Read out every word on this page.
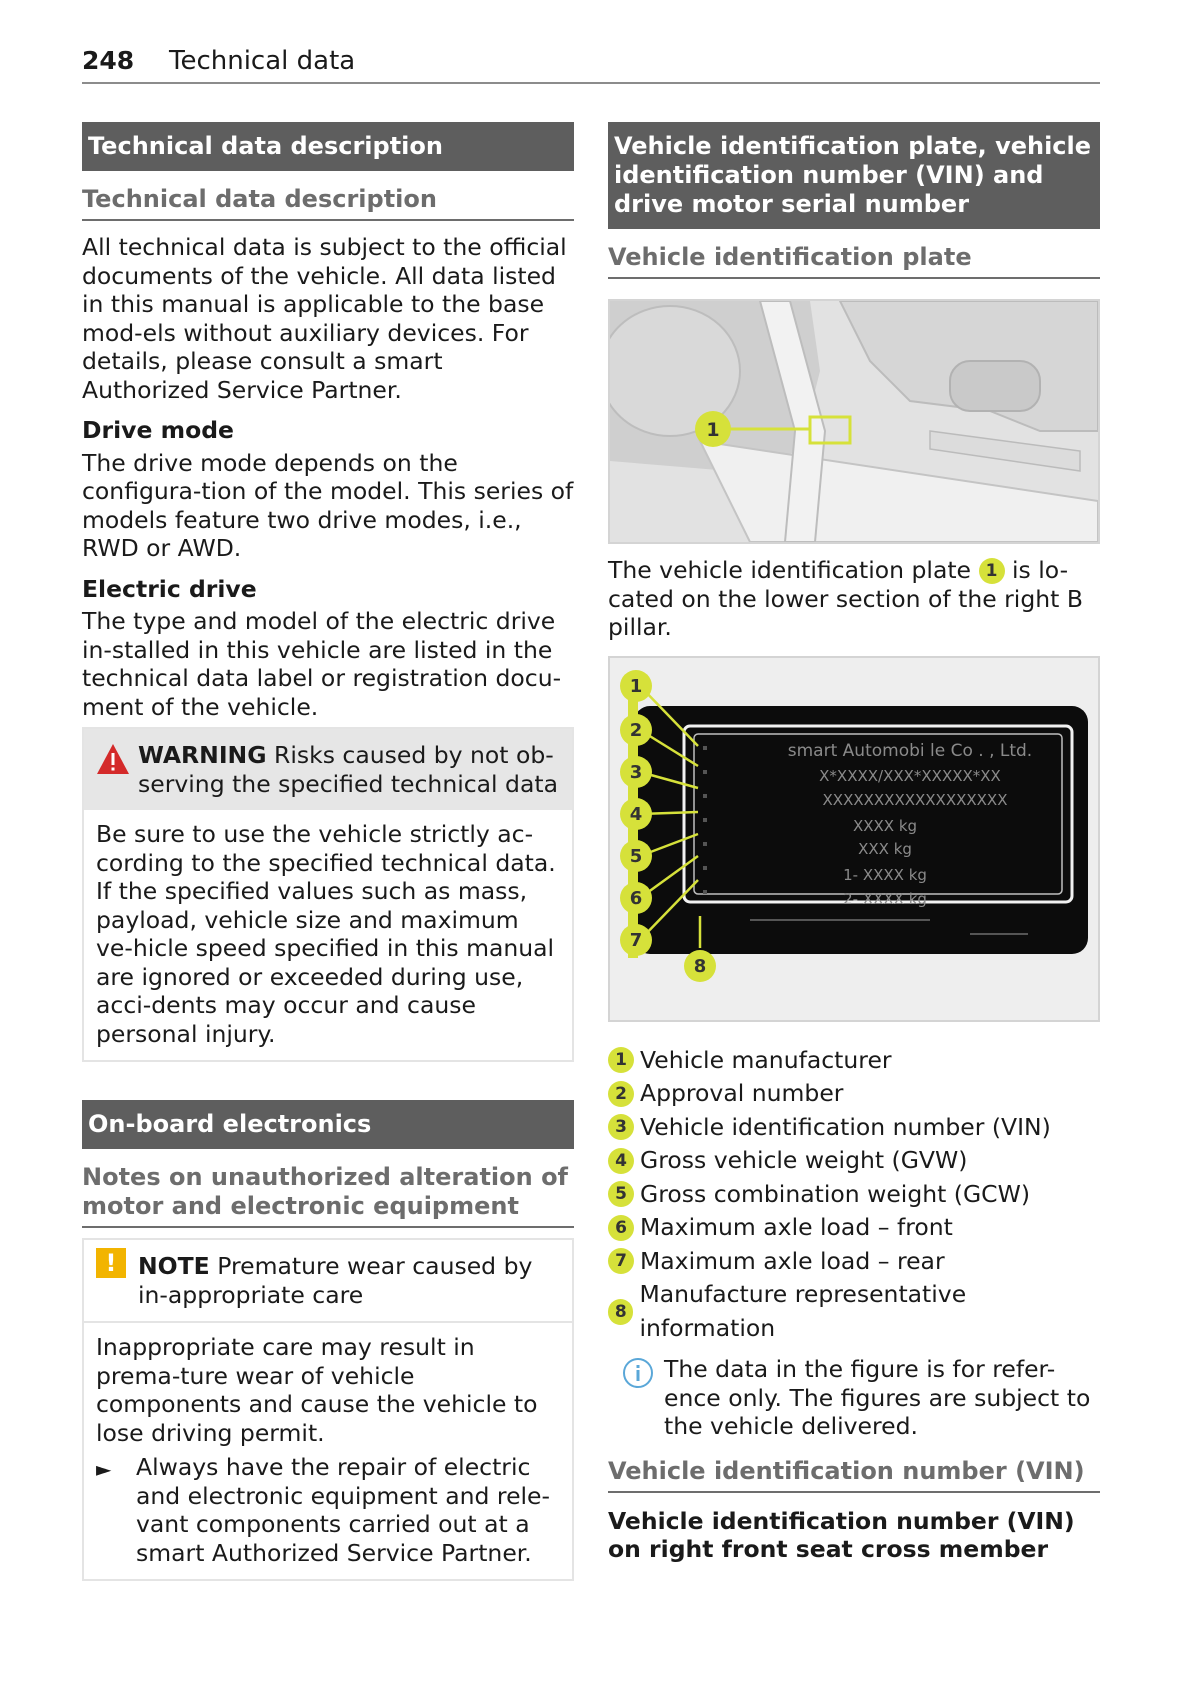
248 Technical data
Technical data description
Technical data description

All technical data is subject to the official documents of the vehicle. All data listed in this manual is applicable to the base mod-els without auxiliary devices. For details, please consult a smart Authorized Service Partner.

Drive mode

The drive mode depends on the configura-tion of the model. This series of models feature two drive modes, i.e., RWD or AWD.

Electric drive

The type and model of the electric drive in-stalled in this vehicle are listed in the technical data label or registration docu-ment of the vehicle.

WARNING Risks caused by not ob-serving the specified technical data
Be sure to use the vehicle strictly ac-cording to the specified technical data. If the specified values such as mass, payload, vehicle size and maximum ve-hicle speed specified in this manual are ignored or exceeded during use, acci-dents may occur and cause personal injury.
On-board electronics
Notes on unauthorized alteration of motor and electronic equipment
! NOTE Premature wear caused by in-appropriate care
Inappropriate care may result in prema-ture wear of vehicle components and cause the vehicle to lose driving permit.
►	Always have the repair of electric and electronic equipment and rele-vant components carried out at a smart Authorized Service Partner.
Vehicle identification plate, vehicle identification number (VIN) and drive motor serial number
Vehicle identification plate
1

The vehicle identification plate 1 is lo-cated on the lower section of the right B pillar.

smart Automobi le Co . , Ltd.
X*XXXX/XXX*XXXXX*XX
XXXXXXXXXXXXXXXXXX
XXXX kg
XXX kg
1- XXXX kg
2- XXXX kg
1
2
3
4
5
6
7
8
1 Vehicle manufacturer
2 Approval number
3 Vehicle identification number (VIN)
4 Gross vehicle weight (GVW)
5 Gross combination weight (GCW)
6 Maximum axle load – front
7 Maximum axle load – rear
8
Manufacture representative information
The data in the figure is for refer-ence only. The figures are subject to the vehicle delivered.
Vehicle identification number (VIN)
Vehicle identification number (VIN) on right front seat cross member
